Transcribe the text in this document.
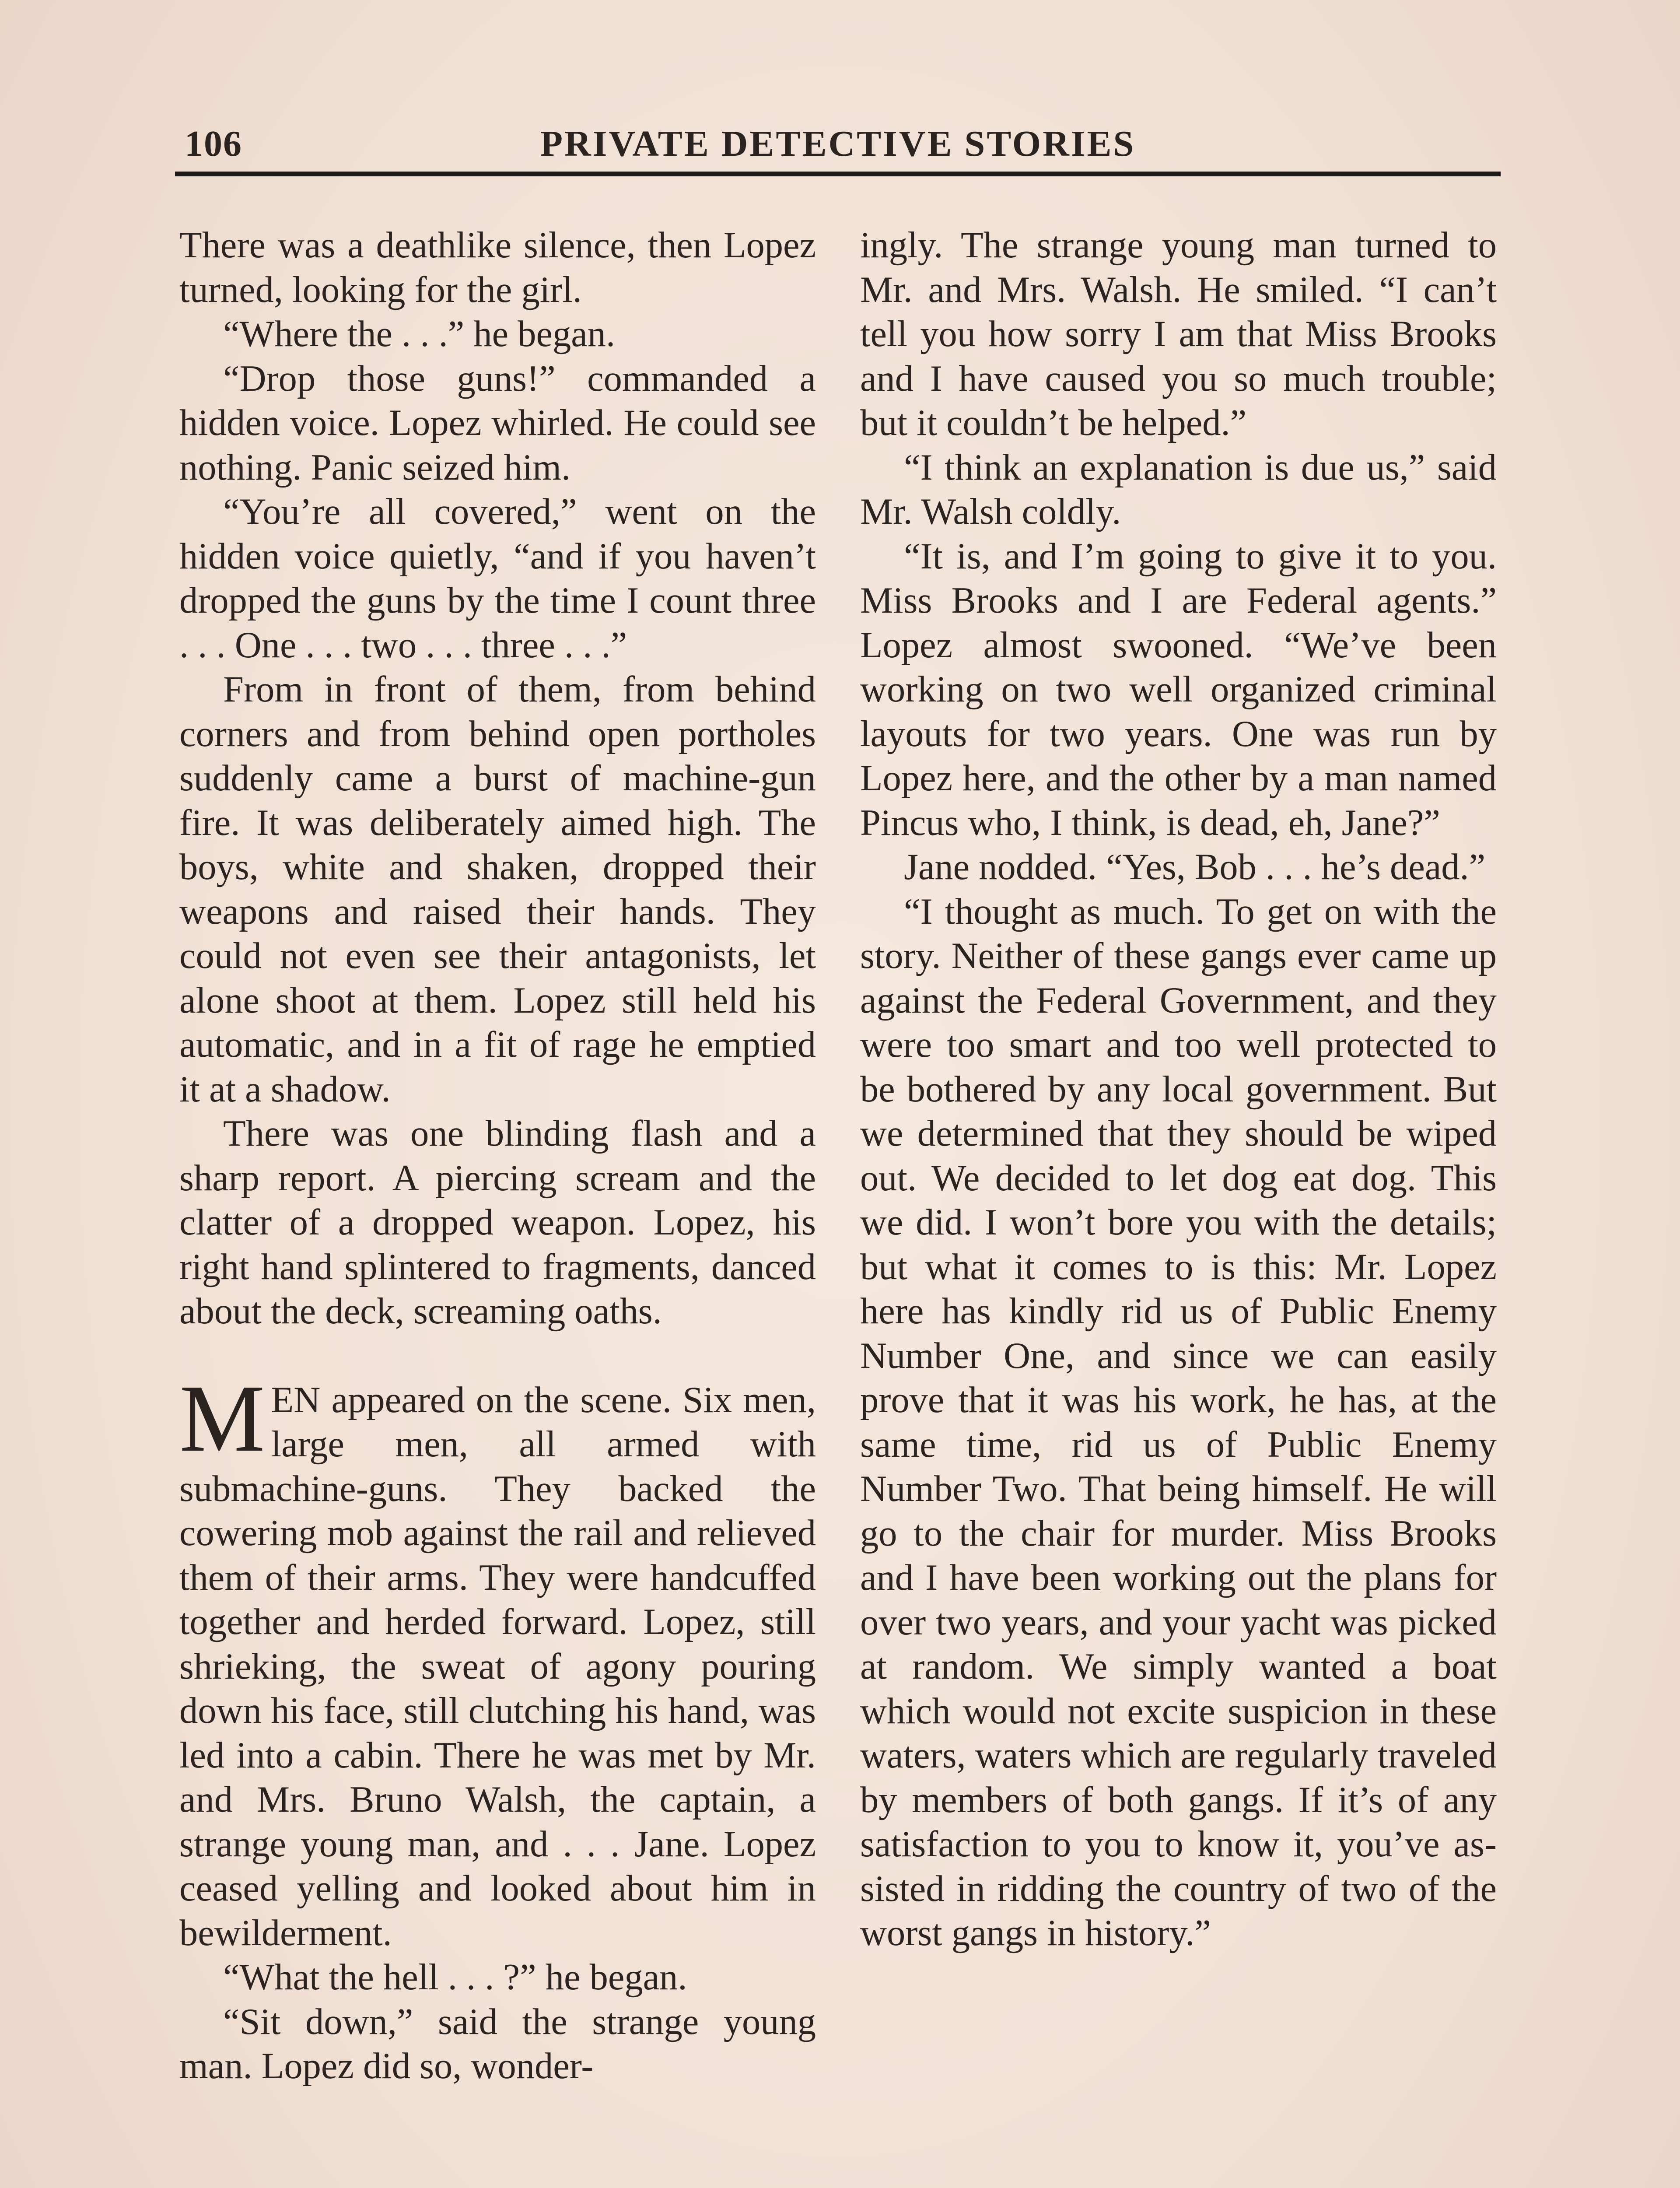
106	PRIVATE DETECTIVE STORIES

There was a deathlike silence, then Lopez turned, looking for the girl.

“Where the . . .” he began.

“Drop those guns!” commanded a hidden voice. Lopez whirled. He could see nothing. Panic seized him.

“You’re all covered,” went on the hidden voice quietly, “and if you haven’t dropped the guns by the time I count three . . . One . . . two . . . three . . .”

From in front of them, from behind corners and from behind open portholes suddenly came a burst of machine-gun fire. It was deliberately aimed high. The boys, white and shaken, dropped their weapons and raised their hands. They could not even see their antagonists, let alone shoot at them. Lopez still held his automatic, and in a fit of rage he emptied it at a shadow.

There was one blinding flash and a sharp report. A piercing scream and the clatter of a dropped weapon. Lopez, his right hand splintered to fragments, danced about the deck, screaming oaths.

MEN appeared on the scene. Six men, large men, all armed with submachine-guns. They backed the cowering mob against the rail and relieved them of their arms. They were handcuffed together and herded forward. Lopez, still shrieking, the sweat of agony pouring down his face, still clutching his hand, was led into a cabin. There he was met by Mr. and Mrs. Bruno Walsh, the captain, a strange young man, and . . . Jane. Lopez ceased yelling and looked about him in bewilderment.

“What the hell . . . ?” he began.

“Sit down,” said the strange young man. Lopez did so, wonder-

ingly. The strange young man turned to Mr. and Mrs. Walsh. He smiled. “I can’t tell you how sorry I am that Miss Brooks and I have caused you so much trouble; but it couldn’t be helped.”

“I think an explanation is due us,” said Mr. Walsh coldly.

“It is, and I’m going to give it to you. Miss Brooks and I are Federal agents.” Lopez almost swooned. “We’ve been working on two well organized criminal layouts for two years. One was run by Lopez here, and the other by a man named Pincus who, I think, is dead, eh, Jane?”

Jane nodded. “Yes, Bob . . . he’s dead.”

“I thought as much. To get on with the story. Neither of these gangs ever came up against the Federal Government, and they were too smart and too well protected to be bothered by any local government. But we determined that they should be wiped out. We decided to let dog eat dog. This we did. I won’t bore you with the details; but what it comes to is this: Mr. Lopez here has kindly rid us of Public Enemy Number One, and since we can easily prove that it was his work, he has, at the same time, rid us of Public Enemy Number Two. That being himself. He will go to the chair for murder. Miss Brooks and I have been working out the plans for over two years, and your yacht was picked at random. We simply wanted a boat which would not excite suspicion in these waters, waters which are regularly traveled by members of both gangs. If it’s of any satisfaction to you to know it, you’ve assisted in ridding the country of two of the worst gangs in history.”
